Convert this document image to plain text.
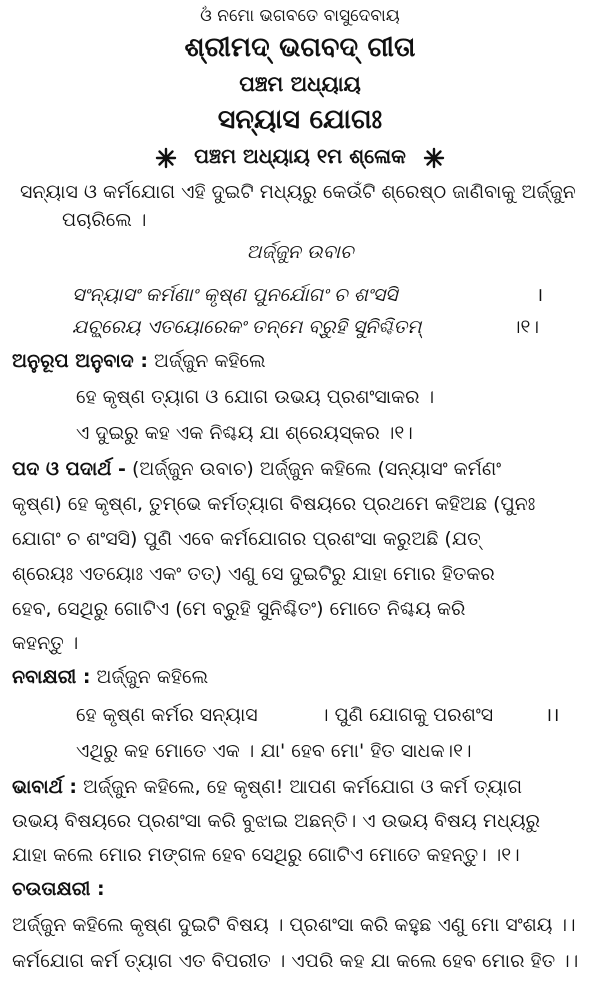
ଓଁ ନମୋ ଭଗବତେ ବାସୁଦେବାୟ
ଶ୍ରୀମଦ୍ ଭଗବଦ୍ ଗୀତା
ପଞ୍ଚମ ଅଧ୍ୟାୟ
ସନ୍ୟାସ ଯୋଗଃ
ପଞ୍ଚମ ଅଧ୍ୟାୟ ୧ମ ଶ୍ଳୋକ
ସନ୍ୟାସ ଓ କର୍ମଯୋଗ ଏହି ଦୁଇଟି ମଧ୍ୟରୁ କେଉଁଟି ଶ୍ରେଷ୍ଠ ଜାଣିବାକୁ ଅର୍ଜ୍ଜୁନ
ପଚାରିଲେ ।
ଅର୍ଜ୍ଜୁନ ଉବାଚ
ସଂନ୍ୟାସଂ କର୍ମଣାଂ କୃଷ୍ଣ ପୁନର୍ଯୋଗଂ ଚ ଶଂସସି	।
ଯଚ୍ଛ୍ରେୟ ଏତୟୋରେକଂ ତନ୍ମେ ବ୍ରୁହି ସୁନିଶ୍ଚିତମ୍	।୧।
ଅନୁରୂପ ଅନୁବାଦ : ଅର୍ଜ୍ଜୁନ କହିଲେ
ହେ କୃଷ୍ଣ ତ୍ୟାଗ ଓ ଯୋଗ ଉଭୟ ପ୍ରଶଂସାକର ।
ଏ ଦୁଇରୁ କହ ଏକ ନିଶ୍ଚୟ ଯା ଶ୍ରେୟସ୍କର ।୧।
ପଦ ଓ ପଦାର୍ଥ - (ଅର୍ଜ୍ଜୁନ ଉବାଚ) ଅର୍ଜ୍ଜୁନ କହିଲେ (ସନ୍ୟାସଂ କର୍ମଣଂ
କୃଷ୍ଣ) ହେ କୃଷ୍ଣ, ତୁମ୍ଭେ କର୍ମତ୍ୟାଗ ବିଷୟରେ ପ୍ରଥମେ କହିଅଛ (ପୁନଃ
ଯୋଗଂ ଚ ଶଂସସି) ପୁଣି ଏବେ କର୍ମଯୋଗର ପ୍ରଶଂସା କରୁଅଛି (ଯତ୍
ଶ୍ରେୟଃ ଏତୟୋଃ ଏକଂ ତତ୍) ଏଣୁ ସେ ଦୁଇଟିରୁ ଯାହା ମୋର ହିତକର
ହେବ, ସେଥିରୁ ଗୋଟିଏ (ମେ ବ୍ରୁହି ସୁନିଶ୍ଚିତଂ) ମୋତେ ନିଶ୍ଚୟ କରି
କହନ୍ତୁ ।
ନବାକ୍ଷରୀ : ଅର୍ଜ୍ଜୁନ କହିଲେ
ହେ କୃଷ୍ଣ କର୍ମର ସନ୍ୟାସ	। ପୁଣି ଯୋଗକୁ ପରଶଂସ	।।
ଏଥିରୁ କହ ମୋତେ ଏକ । ଯା' ହେବ ମୋ' ହିତ ସାଧକ।୧।
ଭାବାର୍ଥ : ଅର୍ଜ୍ଜୁନ କହିଲେ, ହେ କୃଷ୍ଣ! ଆପଣ କର୍ମଯୋଗ ଓ କର୍ମ ତ୍ୟାଗ
ଉଭୟ ବିଷୟରେ ପ୍ରଶଂସା କରି ବୁଝାଇ ଅଛନ୍ତି। ଏ ଉଭୟ ବିଷୟ ମଧ୍ୟରୁ
ଯାହା କଲେ ମୋର ମଙ୍ଗଳ ହେବ ସେଥିରୁ ଗୋଟିଏ ମୋତେ କହନ୍ତୁ। ।୧।
ଚଉତାକ୍ଷରୀ :
ଅର୍ଜ୍ଜୁନ କହିଲେ କୃଷ୍ଣ ଦୁଇଟି ବିଷୟ । ପ୍ରଶଂସା କରି କହୁଛ ଏଣୁ ମୋ ସଂଶୟ ।।
କର୍ମଯୋଗ କର୍ମ ତ୍ୟାଗ ଏତ ବିପରୀତ । ଏପରି କହ ଯା କଲେ ହେବ ମୋର ହିତ ।।
